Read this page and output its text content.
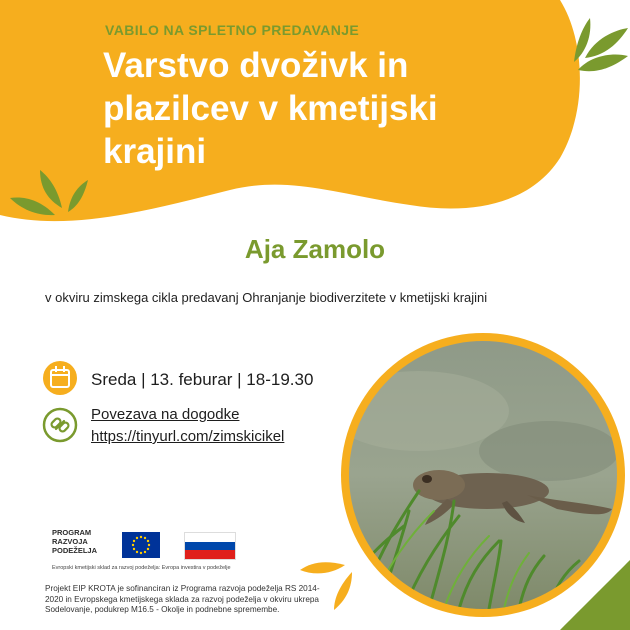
VABILO NA SPLETNO PREDAVANJE
Varstvo dvoživk in plazilcev v kmetijski krajini
Aja Zamolo
v okviru zimskega cikla predavanj Ohranjanje biodiverzitete v kmetijski krajini
Sreda | 13. feburar | 18-19.30
Povezava na dogodke
https://tinyurl.com/zimskicikel
PROGRAM
RAZVOJA
PODEŽELJA
Evropski kmetijski sklad za razvoj podeželja: Evropa investira v podeželje
Projekt EIP KROTA je sofinanciran iz Programa razvoja podeželja RS 2014-2020 in Evropskega kmetijskega sklada za razvoj podeželja v okviru ukrepa Sodelovanje, podukrep M16.5 - Okolje in podnebne spremembe.
